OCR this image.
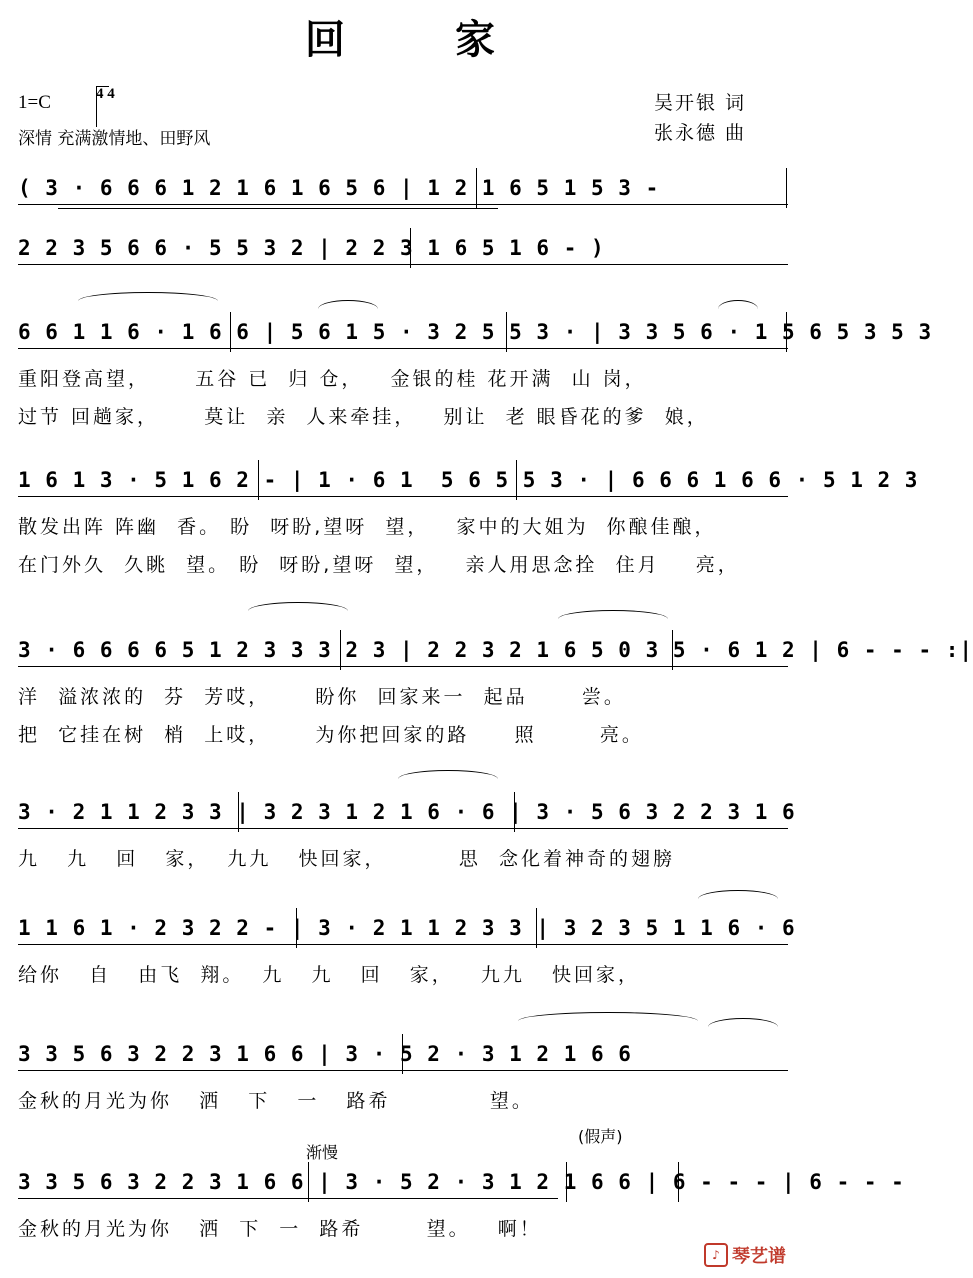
回 家
1=C	4 4
深情 充满激情地、田野风
吴开银 词
张永德 曲
( 3 · 6 6 6 1 2 1 6 1 6 5 6 | 1 2 1 6 5 1 5 3 -
2 2 3 5 6 6 · 5 5 3 2 | 2 2 3 1 6 5 1 6 - )
6 6 1 1 6 · 1 6 6 | 5 6 1 5 · 3 2 5 5 3 · | 3 3 5 6 · 1 5 6 5 3 5 3
重阳登高望，     五谷 已  归 仓，   金银的桂 花开满  山 岗，
过节 回趟家，     莫让  亲  人来牵挂，   别让  老 眼昏花的爹  娘，
1 6 1 3 · 5 1 6 2 - | 1 · 6 1  5 6 5 5 3 · | 6 6 6 1 6 6 · 5 1 2 3
散发出阵 阵幽  香。 盼  呀盼,望呀  望，   家中的大姐为  你酿佳酿，
在门外久  久眺  望。 盼  呀盼,望呀  望，   亲人用思念拴  住月    亮，
3 · 6 6 6 6 5 1 2 3 3 3 2 3 | 2 2 3 2 1 6 5 0 3 5 · 6 1 2 | 6 - - - :|
洋  溢浓浓的  芬  芳哎，     盼你  回家来一  起品      尝。
把  它挂在树  梢  上哎，     为你把回家的路     照       亮。
3 · 2 1 1 2 3 3 | 3 2 3 1 2 1 6 · 6 | 3 · 5 6 3 2 2 3 1 6
九   九   回   家，  九九   快回家，        思  念化着神奇的翅膀
1 1 6 1 · 2 3 2 2 - | 3 · 2 1 1 2 3 3 | 3 2 3 5 1 1 6 · 6
给你   自   由飞  翔。  九   九   回   家，   九九   快回家，
3 3 5 6 3 2 2 3 1 6 6 | 3 · 5 2 · 3 1 2 1 6 6
金秋的月光为你   洒   下   一   路希           望。
渐慢
(假声)
3 3 5 6 3 2 2 3 1 6 6 | 3 · 5 2 · 3 1 2 1 6 6 | 6 - - - | 6 - - -
金秋的月光为你   洒  下  一  路希       望。   啊！
♪ 琴艺谱
